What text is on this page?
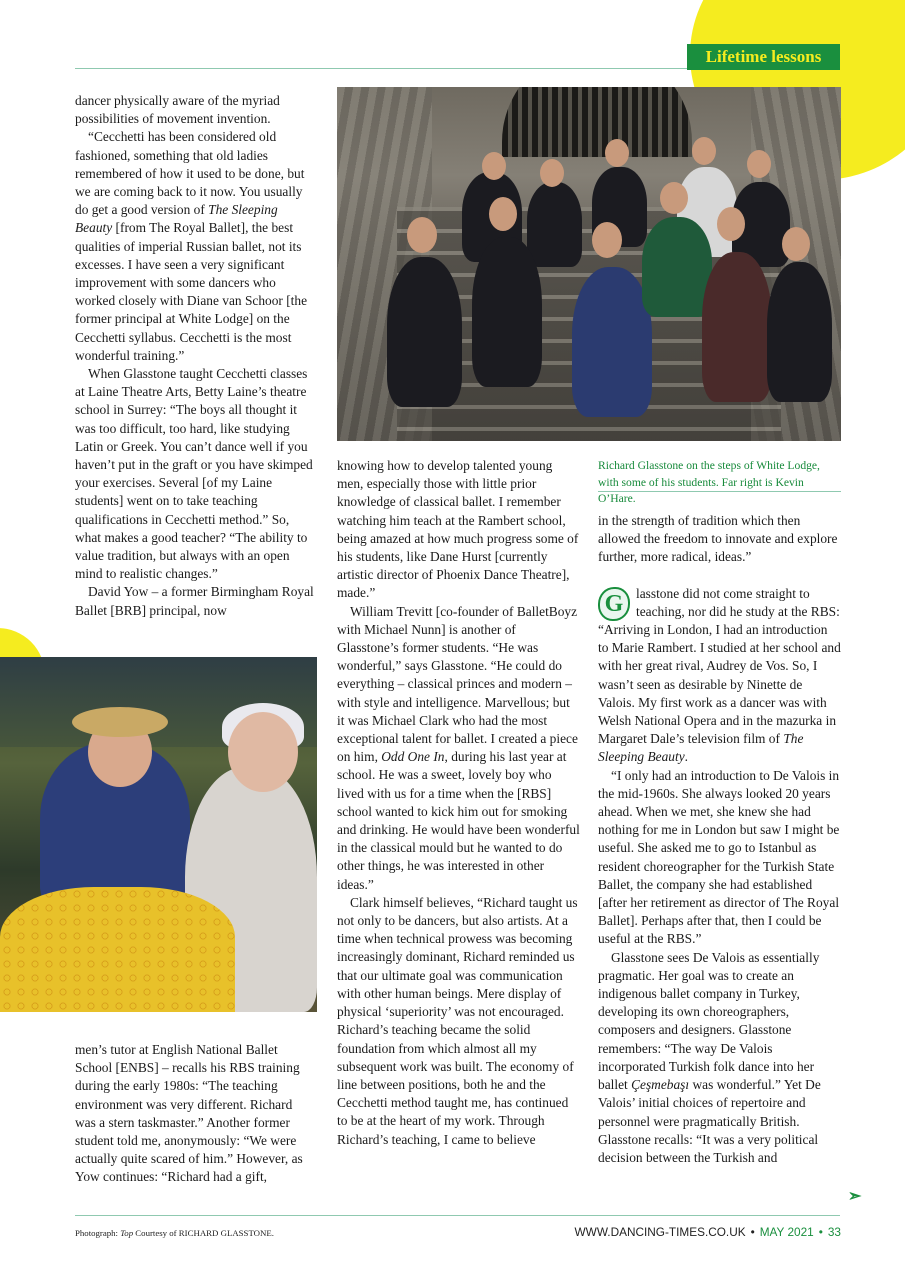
Lifetime lessons

dancer physically aware of the myriad possibilities of movement invention.

“Cecchetti has been considered old fashioned, something that old ladies remembered of how it used to be done, but we are coming back to it now. You usually do get a good version of The Sleeping Beauty [from The Royal Ballet], the best qualities of imperial Russian ballet, not its excesses. I have seen a very significant improvement with some dancers who worked closely with Diane van Schoor [the former principal at White Lodge] on the Cecchetti syllabus. Cecchetti is the most wonderful training.”

When Glasstone taught Cecchetti classes at Laine Theatre Arts, Betty Laine’s theatre school in Surrey: “The boys all thought it was too difficult, too hard, like studying Latin or Greek. You can’t dance well if you haven’t put in the graft or you have skimped your exercises. Several [of my Laine students] went on to take teaching qualifications in Cecchetti method.” So, what makes a good teacher? “The ability to value tradition, but always with an open mind to realistic changes.”

David Yow – a former Birmingham Royal Ballet [BRB] principal, now

Richard Glasstone on the steps of White Lodge, with some of his students. Far right is Kevin O’Hare.

men’s tutor at English National Ballet School [ENBS] – recalls his RBS training during the early 1980s: “The teaching environment was very different. Richard was a stern taskmaster.” Another former student told me, anonymously: “We were actually quite scared of him.” However, as Yow continues: “Richard had a gift,

knowing how to develop talented young men, especially those with little prior knowledge of classical ballet. I remember watching him teach at the Rambert school, being amazed at how much progress some of his students, like Dane Hurst [currently artistic director of Phoenix Dance Theatre], made.”

William Trevitt [co-founder of BalletBoyz with Michael Nunn] is another of Glasstone’s former students. “He was wonderful,” says Glasstone. “He could do everything – classical princes and modern – with style and intelligence. Marvellous; but it was Michael Clark who had the most exceptional talent for ballet. I created a piece on him, Odd One In, during his last year at school. He was a sweet, lovely boy who lived with us for a time when the [RBS] school wanted to kick him out for smoking and drinking. He would have been wonderful in the classical mould but he wanted to do other things, he was interested in other ideas.”

Clark himself believes, “Richard taught us not only to be dancers, but also artists. At a time when technical prowess was becoming increasingly dominant, Richard reminded us that our ultimate goal was communication with other human beings. Mere display of physical ‘superiority’ was not encouraged. Richard’s teaching became the solid foundation from which almost all my subsequent work was built. The economy of line between positions, both he and the Cecchetti method taught me, has continued to be at the heart of my work. Through Richard’s teaching, I came to believe

in the strength of tradition which then allowed the freedom to innovate and explore further, more radical, ideas.”

G lasstone did not come straight to teaching, nor did he study at the RBS: “Arriving in London, I had an introduction to Marie Rambert. I studied at her school and with her great rival, Audrey de Vos. So, I wasn’t seen as desirable by Ninette de Valois. My first work as a dancer was with Welsh National Opera and in the mazurka in Margaret Dale’s television film of The Sleeping Beauty.

“I only had an introduction to De Valois in the mid-1960s. She always looked 20 years ahead. When we met, she knew she had nothing for me in London but saw I might be useful. She asked me to go to Istanbul as resident choreographer for the Turkish State Ballet, the company she had established [after her retirement as director of The Royal Ballet]. Perhaps after that, then I could be useful at the RBS.”

Glasstone sees De Valois as essentially pragmatic. Her goal was to create an indigenous ballet company in Turkey, developing its own choreographers, composers and designers. Glasstone remembers: “The way De Valois incorporated Turkish folk dance into her ballet Çeşmebaşı was wonderful.” Yet De Valois’ initial choices of repertoire and personnel were pragmatically British. Glasstone recalls: “It was a very political decision between the Turkish and

➣
Photograph: Top Courtesy of RICHARD GLASSTONE.	WWW.DANCING-TIMES.CO.UK • MAY 2021 • 33
